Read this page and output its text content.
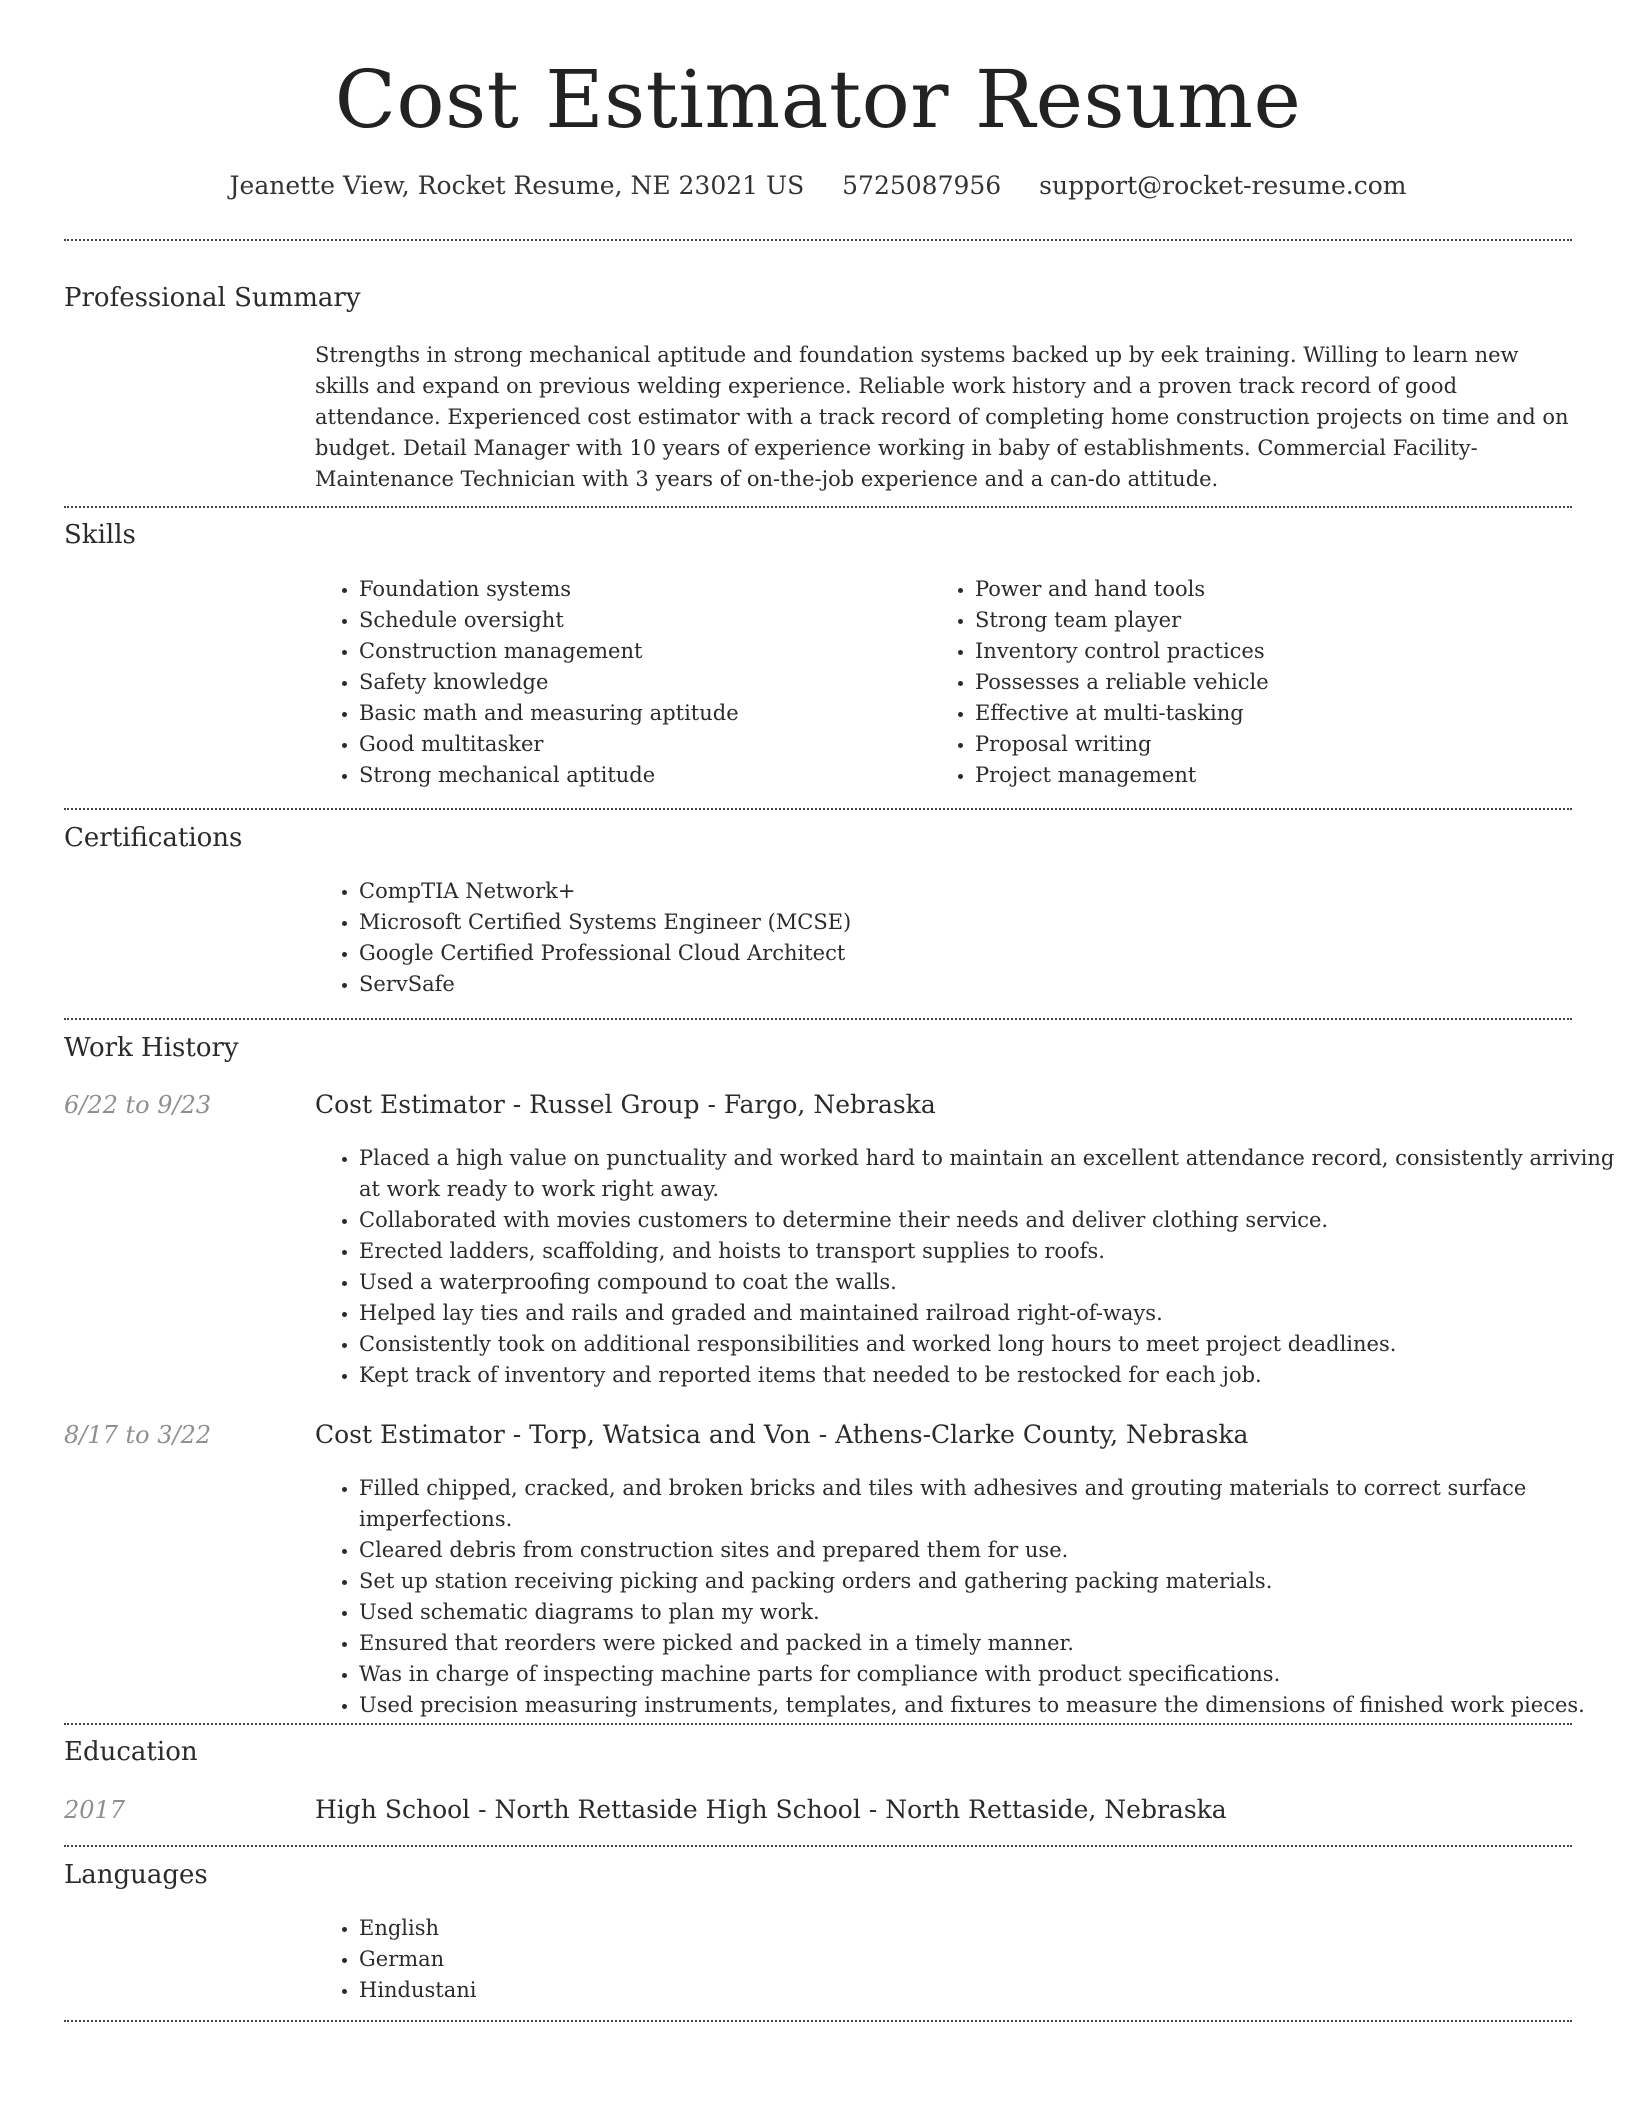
Cost Estimator Resume
Jeanette View, Rocket Resume, NE 23021 US 5725087956 support@rocket-resume.com
Professional Summary

Strengths in strong mechanical aptitude and foundation systems backed up by eek training. Willing to learn new skills and expand on previous welding experience. Reliable work history and a proven track record of good attendance. Experienced cost estimator with a track record of completing home construction projects on time and on budget. Detail Manager with 10 years of experience working in baby of establishments. Commercial Facility-Maintenance Technician with 3 years of on-the-job experience and a can-do attitude.

Skills
• Foundation systems
• Schedule oversight
• Construction management
• Safety knowledge
• Basic math and measuring aptitude
• Good multitasker
• Strong mechanical aptitude
• Power and hand tools
• Strong team player
• Inventory control practices
• Possesses a reliable vehicle
• Effective at multi-tasking
• Proposal writing
• Project management
Certifications
• CompTIA Network+
• Microsoft Certified Systems Engineer (MCSE)
• Google Certified Professional Cloud Architect
• ServSafe
Work History
6/22 to 9/23	Cost Estimator - Russel Group - Fargo, Nebraska
• Placed a high value on punctuality and worked hard to maintain an excellent attendance record, consistently arriving at work ready to work right away.
• Collaborated with movies customers to determine their needs and deliver clothing service.
• Erected ladders, scaffolding, and hoists to transport supplies to roofs.
• Used a waterproofing compound to coat the walls.
• Helped lay ties and rails and graded and maintained railroad right-of-ways.
• Consistently took on additional responsibilities and worked long hours to meet project deadlines.
• Kept track of inventory and reported items that needed to be restocked for each job.
8/17 to 3/22	Cost Estimator - Torp, Watsica and Von - Athens-Clarke County, Nebraska
• Filled chipped, cracked, and broken bricks and tiles with adhesives and grouting materials to correct surface imperfections.
• Cleared debris from construction sites and prepared them for use.
• Set up station receiving picking and packing orders and gathering packing materials.
• Used schematic diagrams to plan my work.
• Ensured that reorders were picked and packed in a timely manner.
• Was in charge of inspecting machine parts for compliance with product specifications.
• Used precision measuring instruments, templates, and fixtures to measure the dimensions of finished work pieces.
Education
2017	High School - North Rettaside High School - North Rettaside, Nebraska
Languages
• English
• German
• Hindustani
